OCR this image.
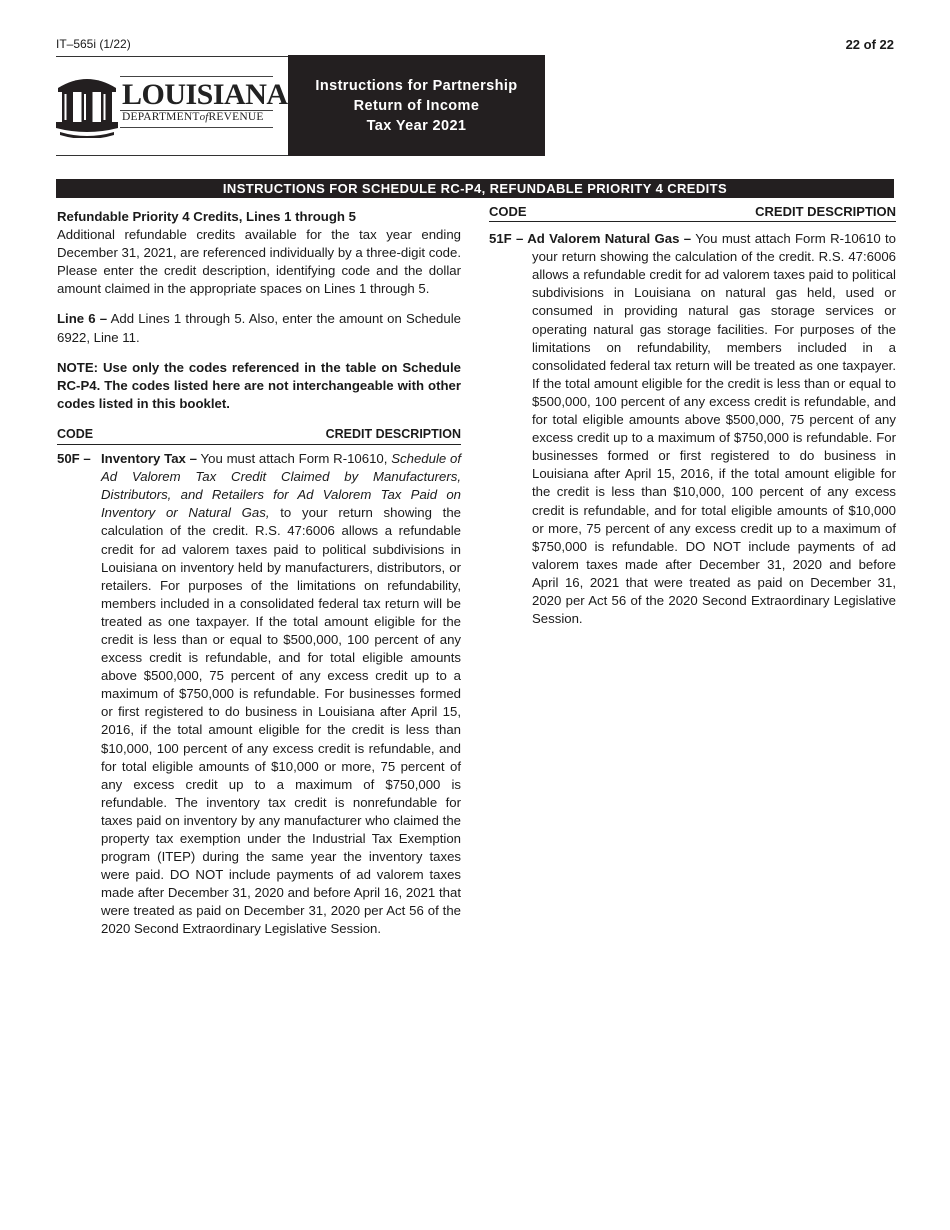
IT–565i (1/22)	22 of 22
LOUISIANA
DEPARTMENTofREVENUE
Instructions for Partnership
Return of Income
Tax Year 2021
INSTRUCTIONS FOR SCHEDULE RC-P4, REFUNDABLE PRIORITY 4 CREDITS

Refundable Priority 4 Credits, Lines 1 through 5

Additional refundable credits available for the tax year ending December 31, 2021, are referenced individually by a three-digit code. Please enter the credit description, identifying code and the dollar amount claimed in the appropriate spaces on Lines 1 through 5.

Line 6 – Add Lines 1 through 5. Also, enter the amount on Schedule 6922, Line 11.

NOTE: Use only the codes referenced in the table on Schedule RC-P4. The codes listed here are not interchangeable with other codes listed in this booklet.

CODE	CREDIT DESCRIPTION
50F – Inventory Tax – You must attach Form R-10610, Schedule of Ad Valorem Tax Credit Claimed by Manufacturers, Distributors, and Retailers for Ad Valorem Tax Paid on Inventory or Natural Gas, to your return showing the calculation of the credit. R.S. 47:6006 allows a refundable credit for ad valorem taxes paid to political subdivisions in Louisiana on inventory held by manufacturers, distributors, or retailers. For purposes of the limitations on refundability, members included in a consolidated federal tax return will be treated as one taxpayer. If the total amount eligible for the credit is less than or equal to $500,000, 100 percent of any excess credit is refundable, and for total eligible amounts above $500,000, 75 percent of any excess credit up to a maximum of $750,000 is refundable. For businesses formed or first registered to do business in Louisiana after April 15, 2016, if the total amount eligible for the credit is less than $10,000, 100 percent of any excess credit is refundable, and for total eligible amounts of $10,000 or more, 75 percent of any excess credit up to a maximum of $750,000 is refundable. The inventory tax credit is nonrefundable for taxes paid on inventory by any manufacturer who claimed the property tax exemption under the Industrial Tax Exemption program (ITEP) during the same year the inventory taxes were paid. DO NOT include payments of ad valorem taxes made after December 31, 2020 and before April 16, 2021 that were treated as paid on December 31, 2020 per Act 56 of the 2020 Second Extraordinary Legislative Session.
CODE	CREDIT DESCRIPTION

51F – Ad Valorem Natural Gas – You must attach Form R-10610 to your return showing the calculation of the credit. R.S. 47:6006 allows a refundable credit for ad valorem taxes paid to political subdivisions in Louisiana on natural gas held, used or consumed in providing natural gas storage services or operating natural gas storage facilities. For purposes of the limitations on refundability, members included in a consolidated federal tax return will be treated as one taxpayer. If the total amount eligible for the credit is less than or equal to $500,000, 100 percent of any excess credit is refundable, and for total eligible amounts above $500,000, 75 percent of any excess credit up to a maximum of $750,000 is refundable. For businesses formed or first registered to do business in Louisiana after April 15, 2016, if the total amount eligible for the credit is less than $10,000, 100 percent of any excess credit is refundable, and for total eligible amounts of $10,000 or more, 75 percent of any excess credit up to a maximum of $750,000 is refundable. DO NOT include payments of ad valorem taxes made after December 31, 2020 and before April 16, 2021 that were treated as paid on December 31, 2020 per Act 56 of the 2020 Second Extraordinary Legislative Session.
